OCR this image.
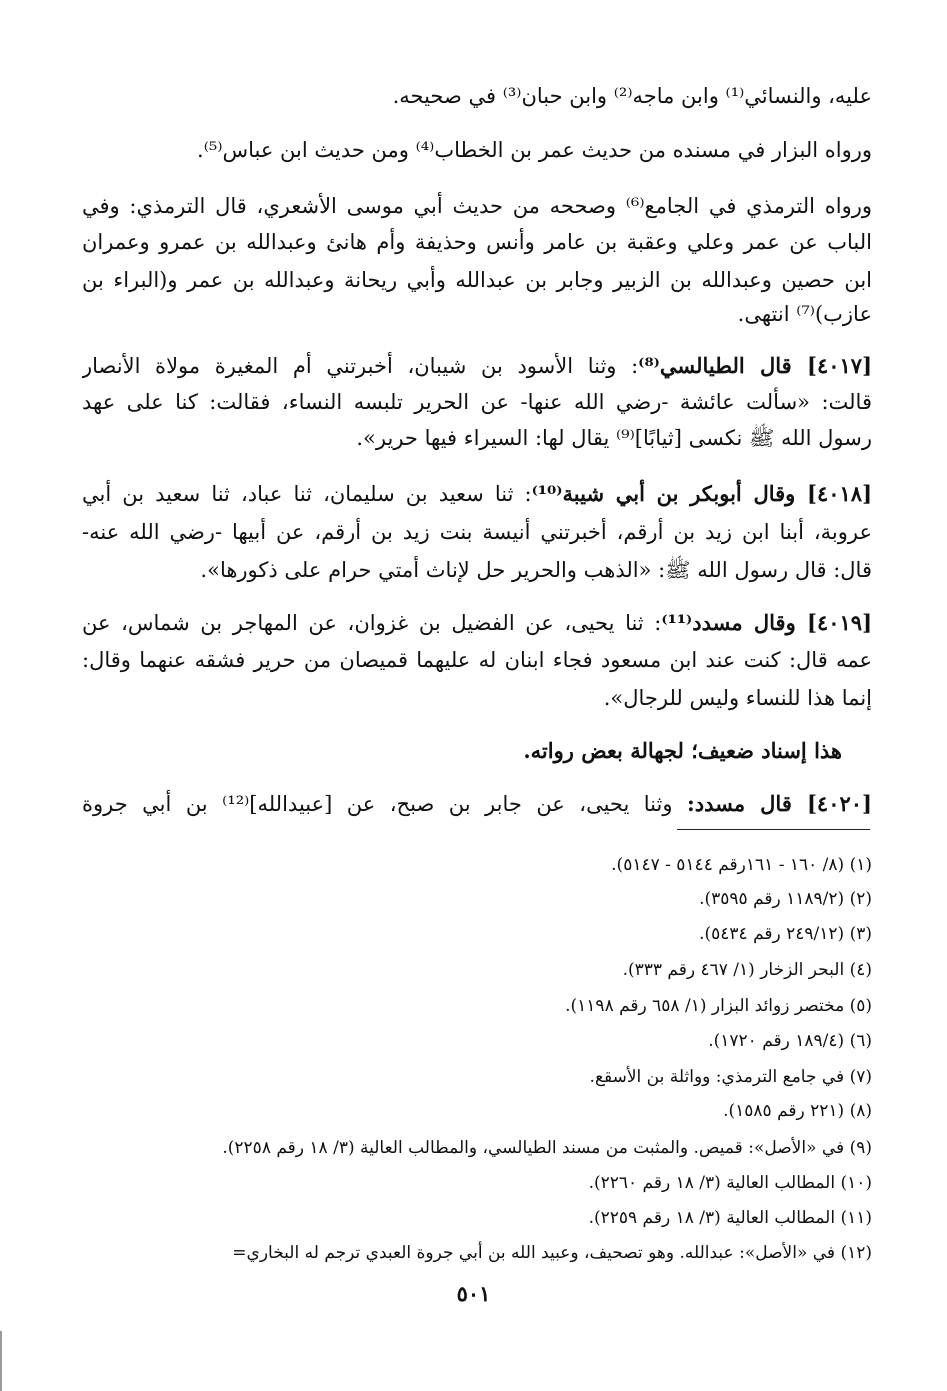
عليه، والنسائي⁽¹⁾ وابن ماجه⁽²⁾ وابن حبان⁽³⁾ في صحيحه.
ورواه البزار في مسنده من حديث عمر بن الخطاب⁽⁴⁾ ومن حديث ابن عباس⁽⁵⁾.
ورواه الترمذي في الجامع⁽⁶⁾ وصححه من حديث أبي موسى الأشعري، قال الترمذي: وفي
الباب عن عمر وعلي وعقبة بن عامر وأنس وحذيفة وأم هانئ وعبدالله بن عمرو وعمران
ابن حصين وعبدالله بن الزبير وجابر بن عبدالله وأبي ريحانة وعبدالله بن عمر و(البراء بن
عازب)⁽⁷⁾ انتهى.
[٤٠١٧] قال الطيالسي⁽⁸⁾: وثنا الأسود بن شيبان، أخبرتني أم المغيرة مولاة الأنصار
قالت: «سألت عائشة -رضي الله عنها- عن الحرير تلبسه النساء، فقالت: كنا على عهد
رسول الله ﷺ نكسى [ثيابًا]⁽⁹⁾ يقال لها: السيراء فيها حرير».
[٤٠١٨] وقال أبوبكر بن أبي شيبة⁽¹⁰⁾: ثنا سعيد بن سليمان، ثنا عباد، ثنا سعيد بن أبي
عروبة، أبنا ابن زيد بن أرقم، أخبرتني أنيسة بنت زيد بن أرقم، عن أبيها -رضي الله عنه-
قال: قال رسول الله ﷺ: «الذهب والحرير حل لإناث أمتي حرام على ذكورها».
[٤٠١٩] وقال مسدد⁽¹¹⁾: ثنا يحيى، عن الفضيل بن غزوان، عن المهاجر بن شماس، عن
عمه قال: كنت عند ابن مسعود فجاء ابنان له عليهما قميصان من حرير فشقه عنهما وقال:
إنما هذا للنساء وليس للرجال».
هذا إسناد ضعيف؛ لجهالة بعض رواته.
[٤٠٢٠] قال مسدد: وثنا يحيى، عن جابر بن صبح، عن [عبيدالله]⁽¹²⁾ بن أبي جروة
(١) (٨/ ١٦٠ - ١٦١رقم ٥١٤٤ - ٥١٤٧).
(٢) (١١٨٩/٢ رقم ٣٥٩٥).
(٣) (٢٤٩/١٢ رقم ٥٤٣٤).
(٤) البحر الزخار (١/ ٤٦٧ رقم ٣٣٣).
(٥) مختصر زوائد البزار (١/ ٦٥٨ رقم ١١٩٨).
(٦) (١٨٩/٤ رقم ١٧٢٠).
(٧) في جامع الترمذي: وواثلة بن الأسقع.
(٨) (٢٢١ رقم ١٥٨٥).
(٩) في «الأصل»: قميص. والمثبت من مسند الطيالسي، والمطالب العالية (٣/ ١٨ رقم ٢٢٥٨).
(١٠) المطالب العالية (٣/ ١٨ رقم ٢٢٦٠).
(١١) المطالب العالية (٣/ ١٨ رقم ٢٢٥٩).
(١٢) في «الأصل»: عبدالله. وهو تصحيف، وعبيد الله بن أبي جروة العبدي ترجم له البخاري=
٥٠١
